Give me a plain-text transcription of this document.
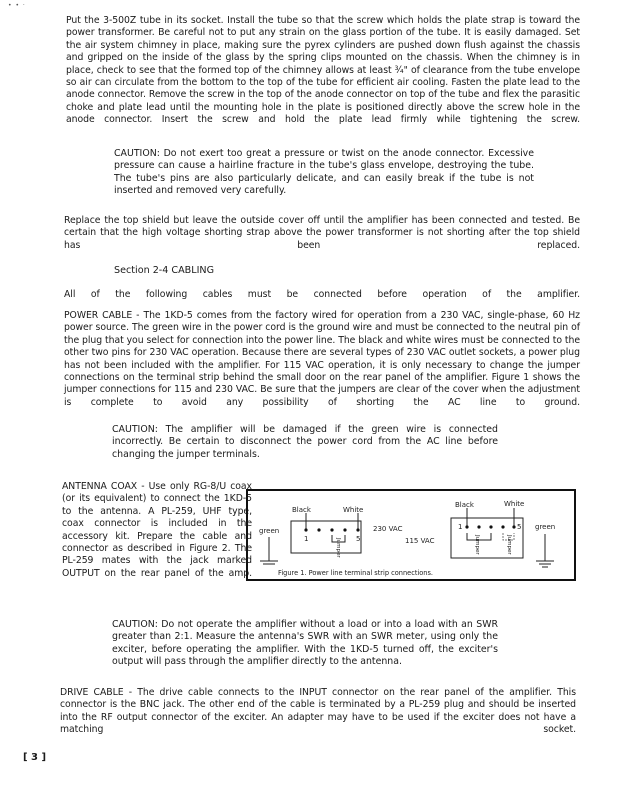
• • ·
Put the 3-500Z tube in its socket. Install the tube so that the screw which holds the plate strap is toward the power transformer. Be careful not to put any strain on the glass portion of the tube. It is easily damaged. Set the air system chimney in place, making sure the pyrex cylinders are pushed down flush against the chassis and gripped on the inside of the glass by the spring clips mounted on the chassis. When the chimney is in place, check to see that the formed top of the chimney allows at least ¾" of clearance from the tube envelope so air can circulate from the bottom to the top of the tube for efficient air cooling. Fasten the plate lead to the anode connector. Remove the screw in the top of the anode connector on top of the tube and flex the parasitic choke and plate lead until the mounting hole in the plate is positioned directly above the screw hole in the anode connector. Insert the screw and hold the plate lead firmly while tightening the screw.
CAUTION: Do not exert too great a pressure or twist on the anode connector. Excessive pressure can cause a hairline fracture in the tube's glass envelope, destroying the tube. The tube's pins are also particularly delicate, and can easily break if the tube is not inserted and removed very carefully.
Replace the top shield but leave the outside cover off until the amplifier has been connected and tested. Be certain that the high voltage shorting strap above the power transformer is not shorting after the top shield has been replaced.
Section 2-4 CABLING
All of the following cables must be connected before operation of the amplifier.
POWER CABLE - The 1KD-5 comes from the factory wired for operation from a 230 VAC, single-phase, 60 Hz power source. The green wire in the power cord is the ground wire and must be connected to the neutral pin of the plug that you select for connection into the power line. The black and white wires must be connected to the other two pins for 230 VAC operation. Because there are several types of 230 VAC outlet sockets, a power plug has not been included with the amplifier. For 115 VAC operation, it is only necessary to change the jumper connections on the terminal strip behind the small door on the rear panel of the amplifier. Figure 1 shows the jumper connections for 115 and 230 VAC. Be sure that the jumpers are clear of the cover when the adjustment is complete to avoid any possibility of shorting the AC line to ground.
CAUTION: The amplifier will be damaged if the green wire is connected incorrectly. Be certain to disconnect the power cord from the AC line before changing the jumper terminals.
ANTENNA COAX - Use only RG-8/U coax (or its equivalent) to connect the 1KD-5 to the antenna. A PL-259, UHF type, coax connector is included in the accessory kit. Prepare the cable and connector as described in Figure 2. The PL-259 mates with the jack marked OUTPUT on the rear panel of the amp.
Black	White
1	5
Jumper
green	230 VAC
Black	White
1	5
Jumper	Jumper
115 VAC
green
Figure 1. Power line terminal strip connections.
CAUTION: Do not operate the amplifier without a load or into a load with an SWR greater than 2:1. Measure the antenna's SWR with an SWR meter, using only the exciter, before operating the amplifier. With the 1KD-5 turned off, the exciter's output will pass through the amplifier directly to the antenna.
DRIVE CABLE - The drive cable connects to the INPUT connector on the rear panel of the amplifier. This connector is the BNC jack. The other end of the cable is terminated by a PL-259 plug and should be inserted into the RF output connector of the exciter. An adapter may have to be used if the exciter does not have a matching socket.
[ 3 ]
